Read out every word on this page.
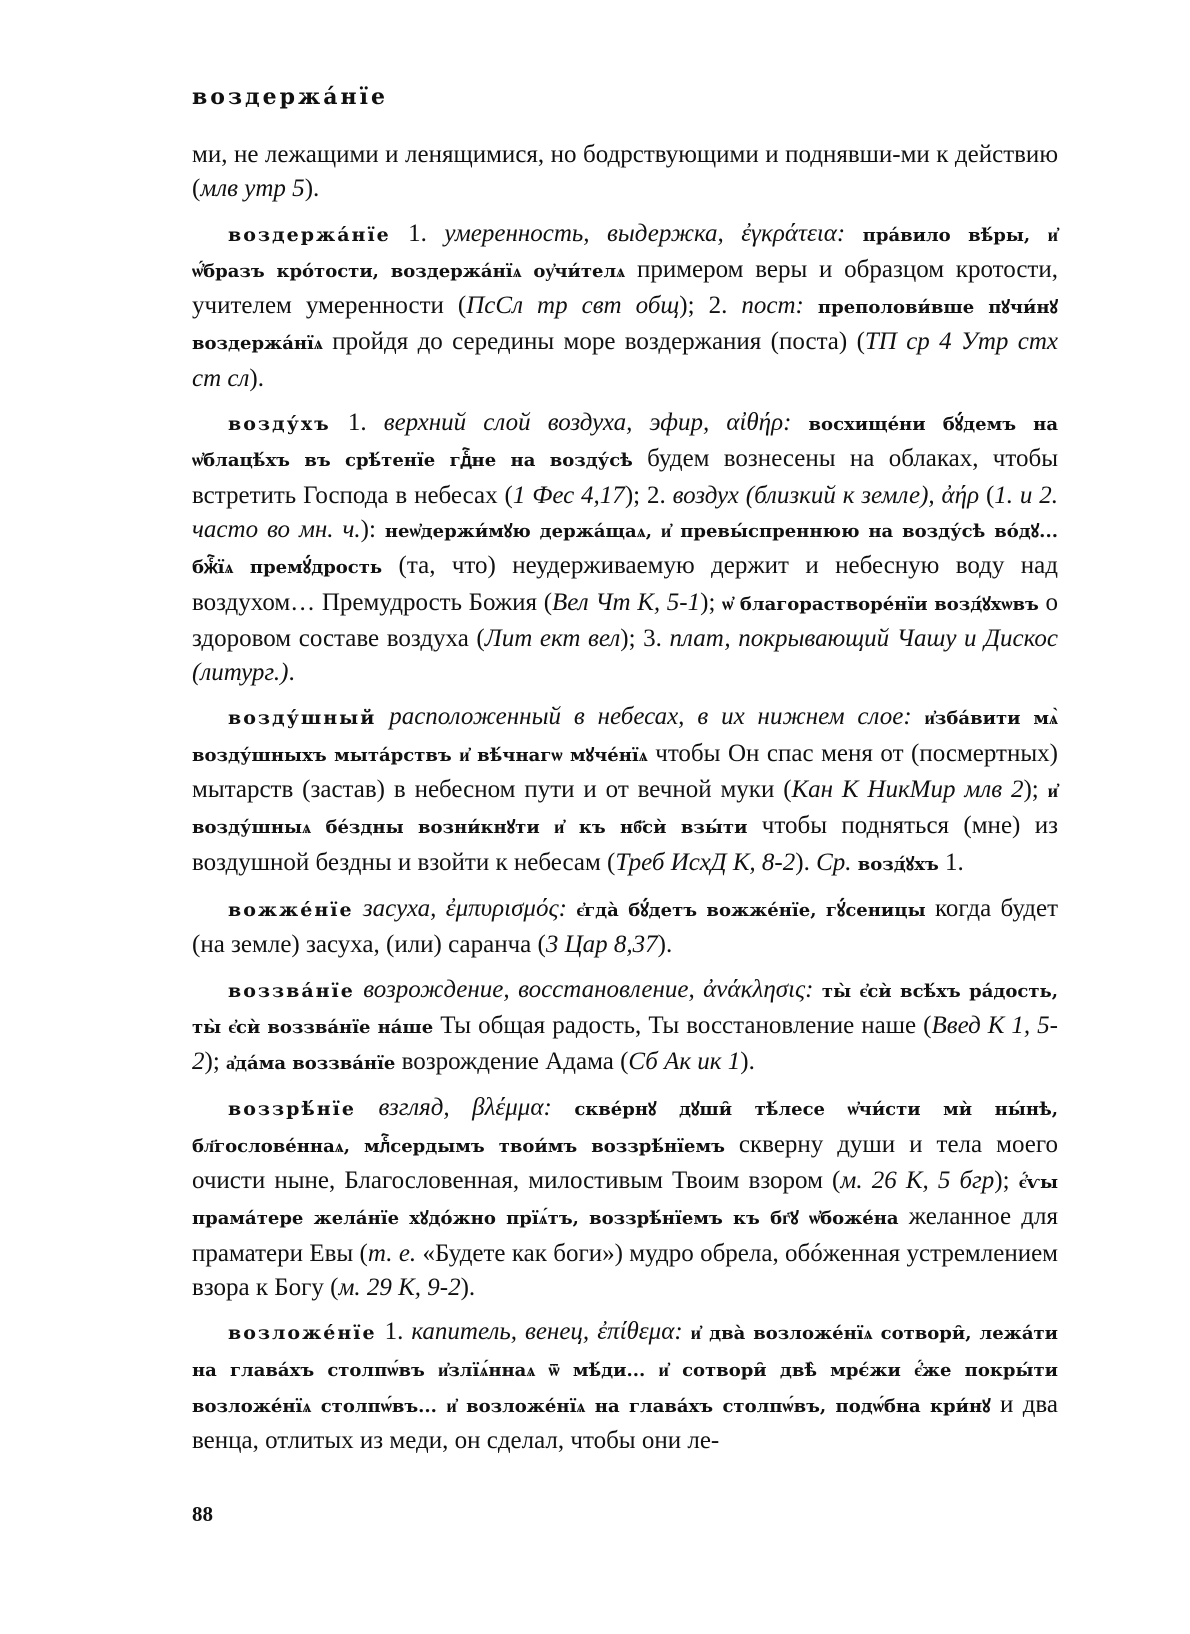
воздержа́нїе

ми, не лежащими и ленящимися, но бодрствующими и поднявши-ми к действию (млв утр 5).

воздержа́нїе 1. умеренность, выдержка, ἐγκράτεια: пра́вило вѣ́ры, и҆ ѡ҆́бразъ кро́тости, воздержа́нїѧ оу҆чи́телѧ примером веры и образцом кротости, учителем умеренности (ПсСл тр свт общ); 2. пост: преполови́вше пꙋчи́нꙋ воздержа́нїѧ пройдя до середины море воздержания (поста) (ТП ср 4 Утр стх ст сл).

возду́хъ 1. верхний слой воздуха, эфир, αἰθήρ: восхище́ни бꙋ́демъ на ѡ҆блацѣ́хъ въ срѣ́тенїе гдⷭ҇не на возду́сѣ будем вознесены на облаках, чтобы встретить Господа в небесах (1 Фес 4,17); 2. воздух (близкий к земле), ἀήρ (1. и 2. часто во мн. ч.): неѡ҆держи́мꙋю держа́щаѧ, и҆ превы́спреннюю на возду́сѣ во́дꙋ... бжⷭ҇їѧ премꙋ́дрость (та, что) неудерживаемую держит и небесную воду над воздухом… Премудрость Божия (Вел Чт К, 5-1); ѡ҆ благорастворе́нїи возд́ꙋхѡвъ о здоровом составе воздуха (Лит ект вел); 3. плат, покрывающий Чашу и Дискос (литург.).

возду́шный расположенный в небесах, в их нижнем слое: и҆зба́вити мѧ̀ возду́шныхъ мыта́рствъ и҆ вѣ́чнагѡ мꙋче́нїѧ чтобы Он спас меня от (посмертных) мытарств (застав) в небесном пути и от вечной муки (Кан К НикМир млв 2); и҆ возду́шныѧ бе́здны возни́кнꙋти и҆ къ нб҃сѝ взы́ти чтобы подняться (мне) из воздушной бездны и взойти к небесам (Треб ИсхД К, 8-2). Ср. возд́ꙋхъ 1.

вожже́нїе засуха, ἐμπυρισμός: є҆гда̀ бꙋ́детъ вожже́нїе, гꙋ́сеницы когда будет (на земле) засуха, (или) саранча (3 Цар 8,37).

воззва́нїе возрождение, восстановление, ἀνάκλησις: ты̀ є҆сѝ всѣ́хъ ра́дость, ты̀ є҆сѝ воззва́нїе на́ше Ты общая радость, Ты восстановление наше (Введ К 1, 5-2); а҆да́ма воззва́нїе возрождение Адама (Сб Ак ик 1).

воззрѣ́нїе взгляд, βλέμμα: скве́рнꙋ дꙋши̑ тѣ́лесе ѡ҆чи́сти мѝ ны́нѣ, бл҃гослове́ннаѧ, млⷭ҇сердымъ твои́мъ воззрѣ́нїемъ скверну души и тела моего очисти ныне, Благословенная, милостивым Твоим взором (м. 26 К, 5 бгр); є҆́ѵы прама́тере жела́нїе хꙋдо́жно прїѧ́тъ, воззрѣ́нїемъ къ бг҃ꙋ ѡ҆боже́на желанное для праматери Евы (т. е. «Будете как боги») мудро обрела, обóженная устремлением взора к Богу (м. 29 К, 9-2).

возложе́нїе 1. капитель, венец, ἐπίθεμα: и҆ два̀ возложе́нїѧ сотвори̑, лежа́ти на глава́хъ столпѡ́въ и҆злїѧ́ннаѧ ѿ мѣ́ди... и҆ сотвори̑ двѣ̀ мрє́жи є҆́же покры́ти возложе́нїѧ столпѡ́въ... и҆ возложе́нїѧ на глава́хъ столпѡ́въ, подѡ́бна кри́нꙋ и два венца, отлитых из меди, он сделал, чтобы они ле-

88
